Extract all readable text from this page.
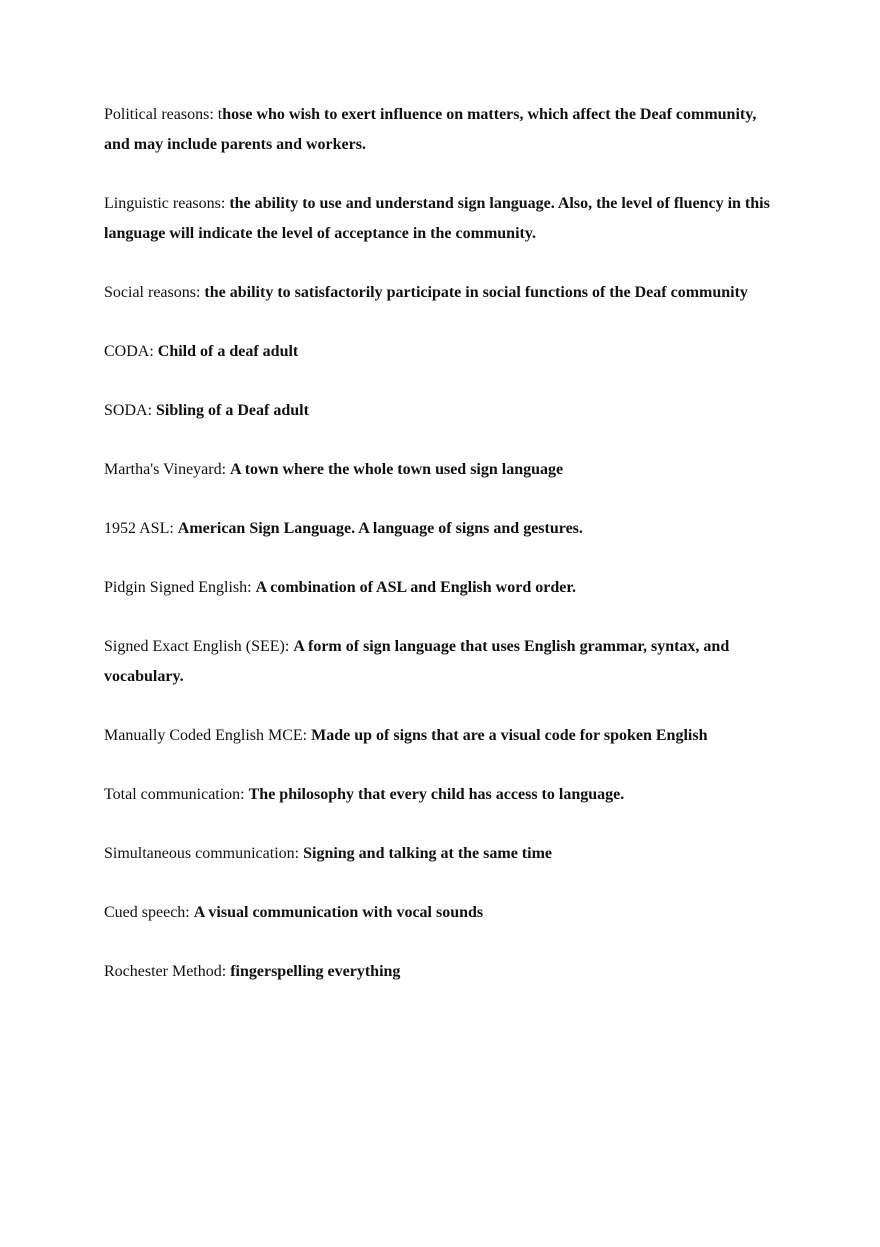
Political reasons: those who wish to exert influence on matters, which affect the Deaf community, and may include parents and workers.

Linguistic reasons: the ability to use and understand sign language. Also, the level of fluency in this language will indicate the level of acceptance in the community.

Social reasons: the ability to satisfactorily participate in social functions of the Deaf community

CODA: Child of a deaf adult

SODA: Sibling of a Deaf adult

Martha's Vineyard: A town where the whole town used sign language

1952 ASL: American Sign Language. A language of signs and gestures.

Pidgin Signed English: A combination of ASL and English word order.

Signed Exact English (SEE): A form of sign language that uses English grammar, syntax, and vocabulary.

Manually Coded English MCE: Made up of signs that are a visual code for spoken English

Total communication: The philosophy that every child has access to language.

Simultaneous communication: Signing and talking at the same time

Cued speech: A visual communication with vocal sounds

Rochester Method: fingerspelling everything
